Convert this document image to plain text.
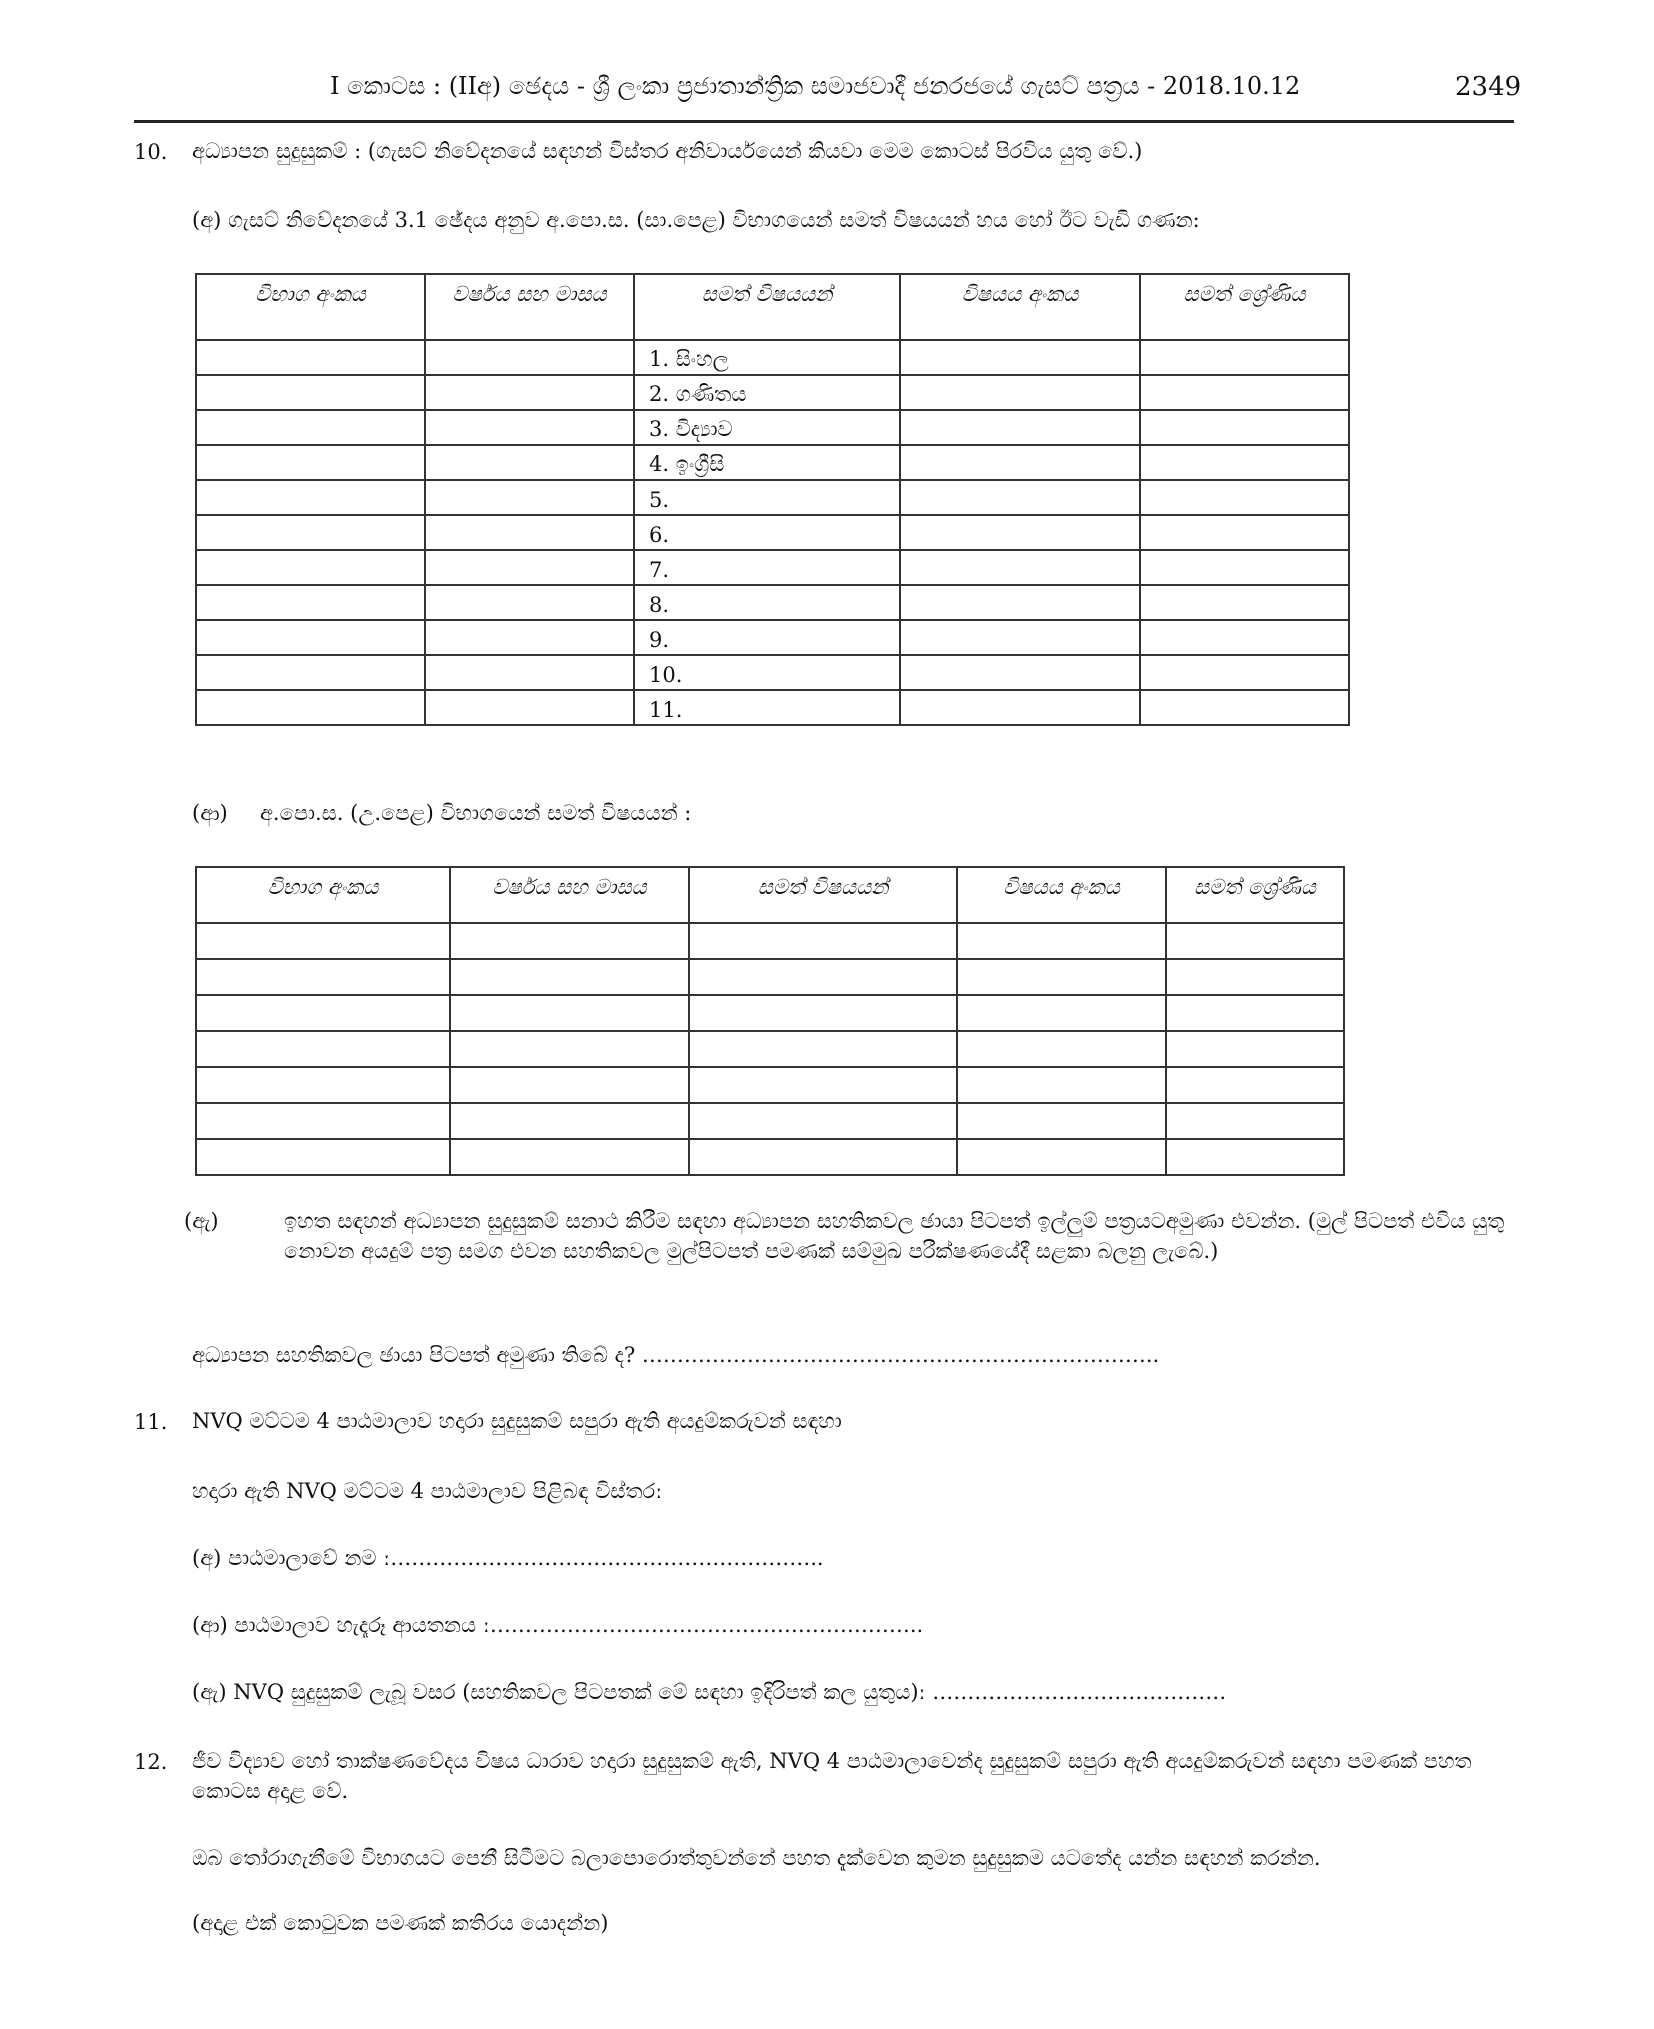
I කොටස : (IIඅ) ඡෙදය - ශ්‍රී ලංකා ප්‍රජාතාන්ත්‍රික සමාජවාදී ජනරජයේ ගැසට් පත්‍රය - 2018.10.12	2349
10. අධ්‍යාපන සුදුසුකම් : (ගැසට් නිවේදනයේ සඳහන් විස්තර අනිවාර්යයෙන් කියවා මෙම කොටස් පිරවිය යුතු වේ.)
(අ) ගැසට් නිවේදනයේ 3.1 ඡේදය අනුව අ.පො.ස. (සා.පෙළ) විභාගයෙන් සමත් විෂයයන් හය හෝ ඊට වැඩි ගණන:
විභාග අංකය	වර්ෂය සහ මාසය	සමත් විෂයයන්	විෂයය අංකය	සමත් ශ්‍රේණිය
		1. සිංහල		
		2. ගණිතය		
		3. විද්‍යාව		
		4. ඉංග්‍රීසි		
		5.		
		6.		
		7.		
		8.		
		9.		
		10.		
		11.		
(ආ) අ.පො.ස. (උ.පෙළ) විභාගයෙන් සමත් විෂයයන් :
විභාග අංකය	වර්ෂය සහ මාසය	සමත් විෂයයන්	විෂයය අංකය	සමත් ශ්‍රේණිය

(ඇ)	ඉහත සඳහන් අධ්‍යාපන සුදුසුකම් සනාථ කිරීම සඳහා අධ්‍යාපන සහතිකවල ඡායා පිටපත් ඉල්ලුම් පත්‍රයටඅමුණා එවන්න. (මුල් පිටපත් එවිය යුතු නොවන අයදුම් පත්‍ර සමග එවන සහතිකවල මුල්පිටපත් පමණක් සම්මුඛ පරීක්ෂණයේදී සළකා බලනු ලැබේ.)
අධ්‍යාපන සහතිකවල ඡායා පිටපත් අමුණා තිබේ ද? ………………………………………………………………..
11. NVQ මට්ටම 4 පාඨමාලාව හදාරා සුදුසුකම් සපුරා ඇති අයදුම්කරුවන් සඳහා
හදාරා ඇති NVQ මට්ටම 4 පාඨමාලාව පිළිබඳ විස්තරː
(අ) පාඨමාලාවේ නම ː……………………………………………………..
(ආ) පාඨමාලාව හැදෑරූ ආයතනය ː……………………………………………………..
(ඇ) NVQ සුදුසුකම් ලැබූ වසර (සහතිකවල පිටපතක් මේ සඳහා ඉදිරිපත් කල යුතුය)ː ……………………………………
12. ජීව විද්‍යාව හෝ තාක්ෂණවේදය විෂය ධාරාව හදාරා සුදුසුකම් ඇති, NVQ 4 පාඨමාලාවෙන්ද සුදුසුකම් සපුරා ඇති අයදුම්කරුවන් සඳහා පමණක් පහත කොටස අදාළ වේ.
ඔබ තෝරාගැනීමේ විභාගයට පෙනී සිටීමට බලාපොරොත්තුවන්නේ පහත දැක්වෙන කුමන සුදුසුකම යටතේද යන්න සඳහන් කරන්න.
(අදාළ එක් කොටුවක පමණක් කතිරය යොදන්න)
